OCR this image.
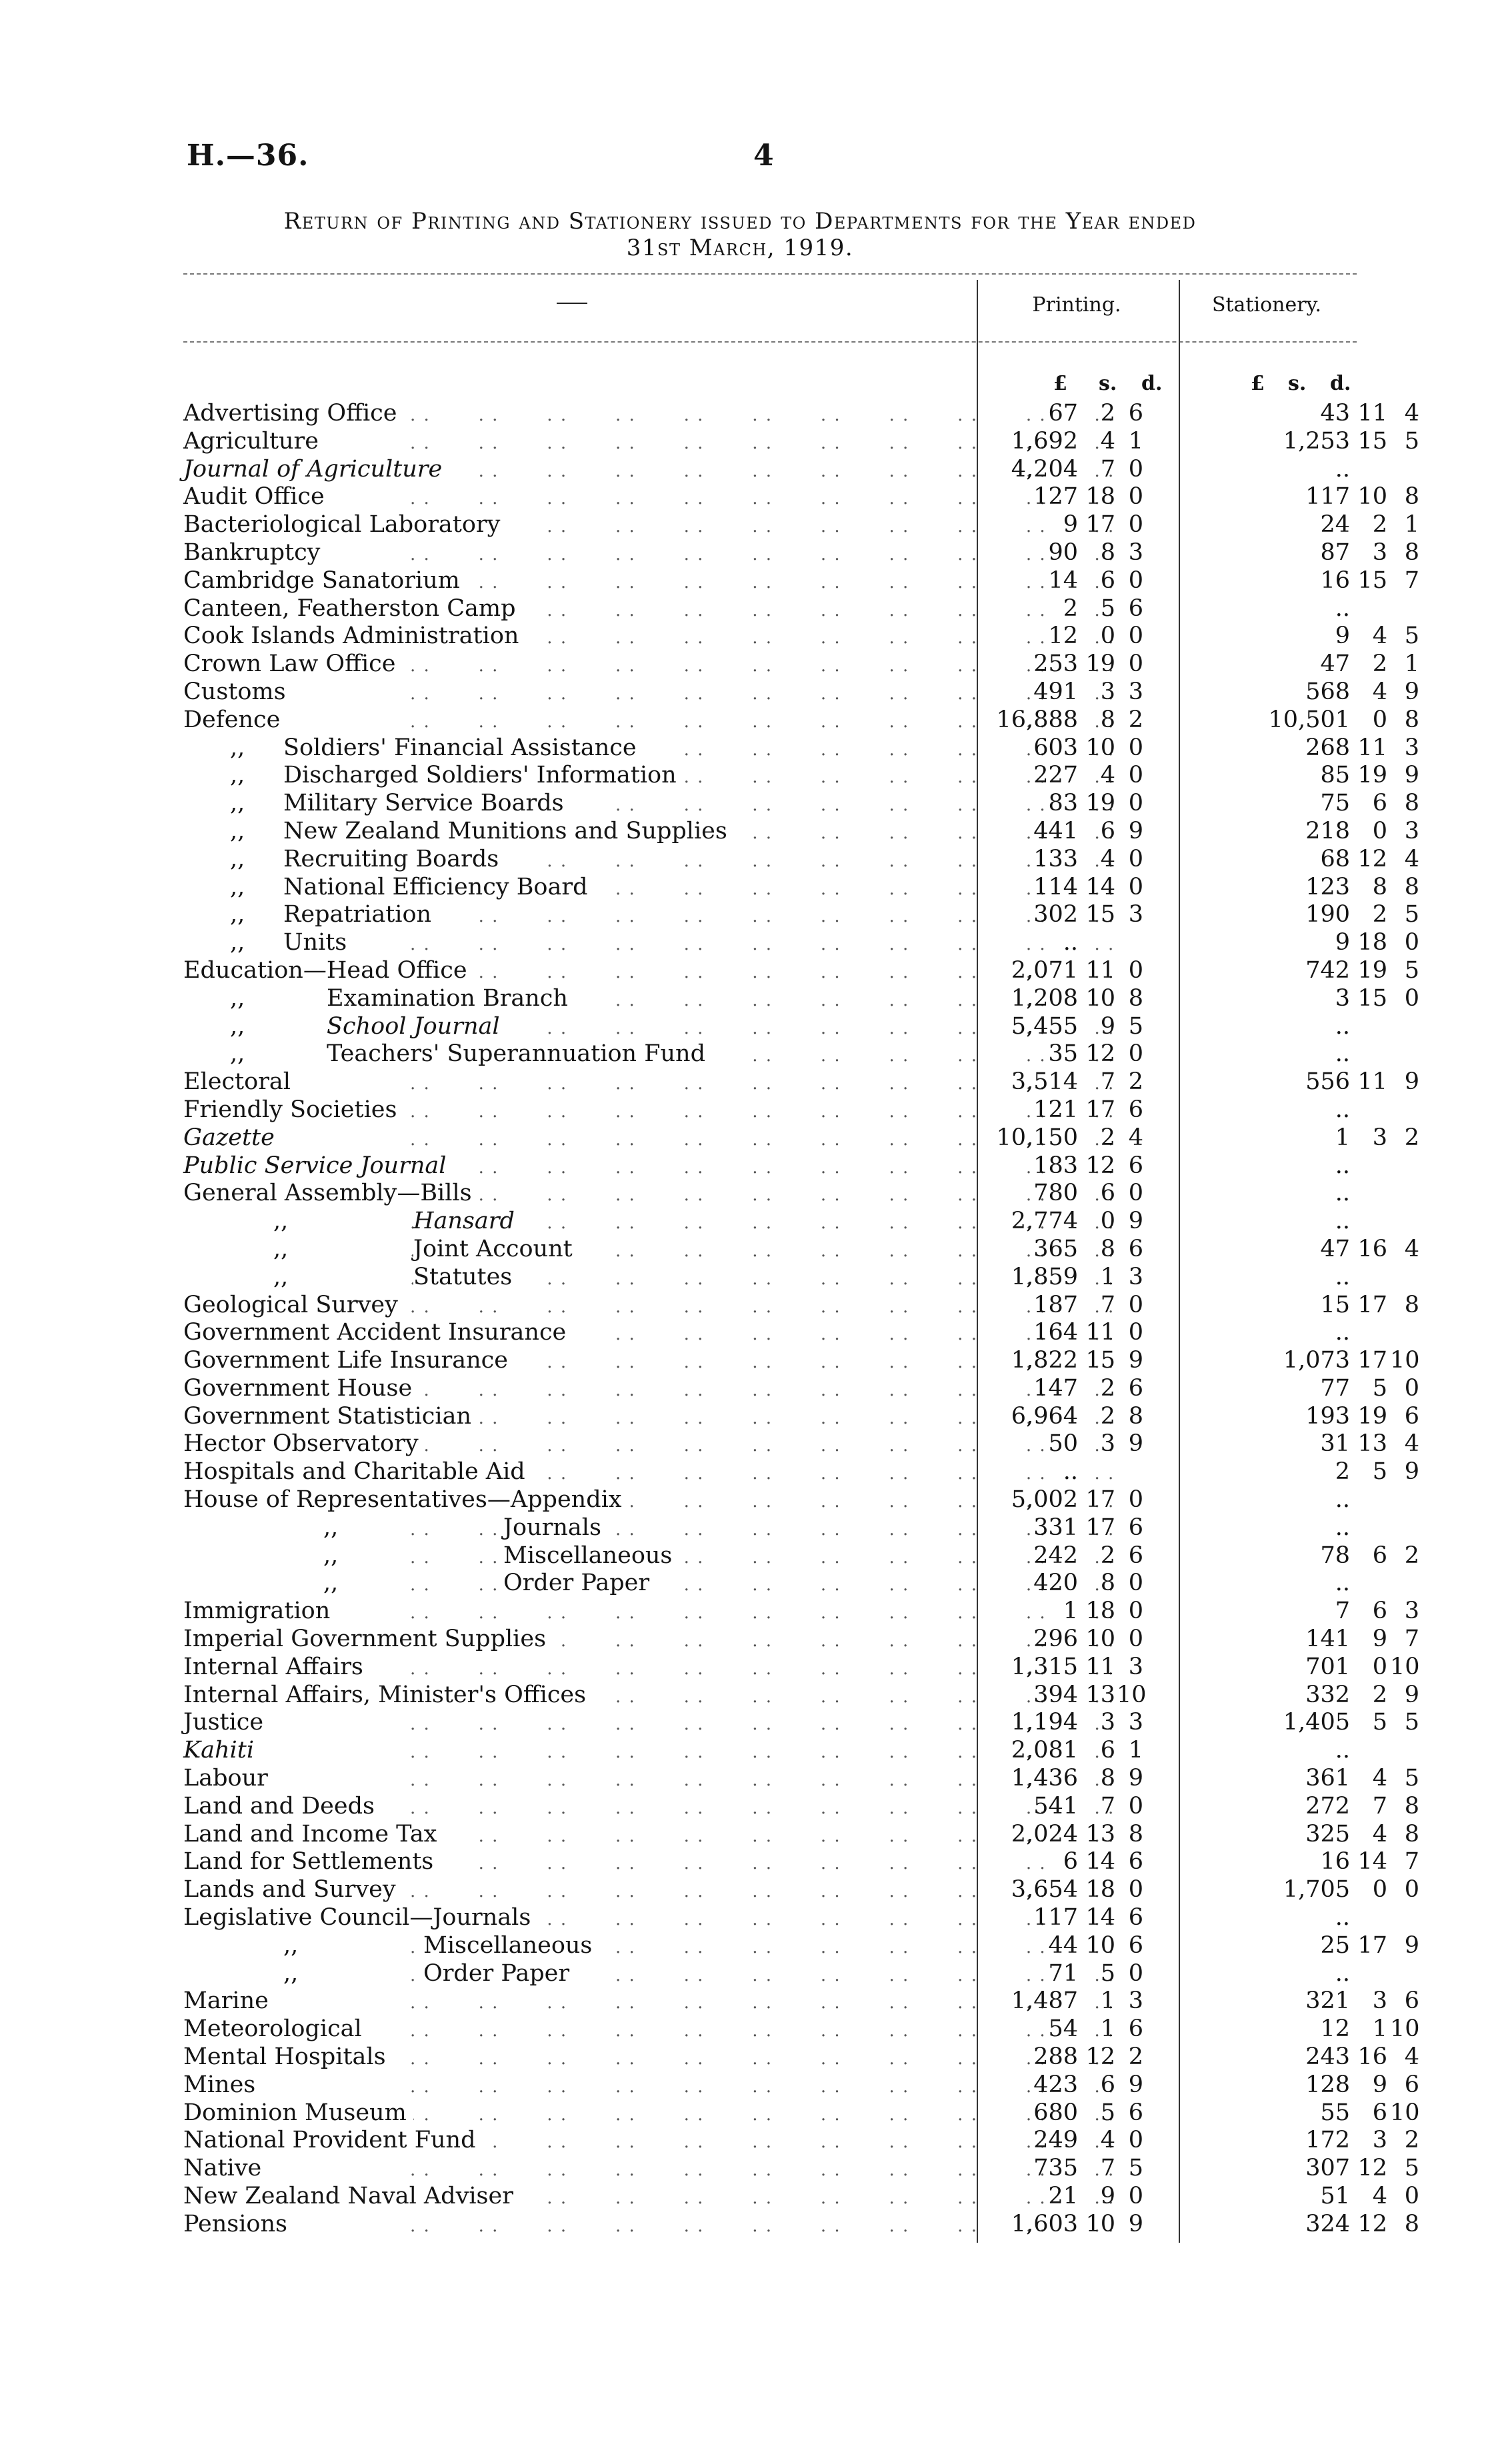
H.—36.	4
Return of Printing and Stationery issued to Departments for the Year ended
31st March, 1919.
Printing.	Stationery.
£ s. d.	£ s. d.
. .
Advertising Office	67 2 6	43 11 4
. .
Agriculture	1,692 4 1	1,253 15 5
. .
Journal of Agriculture	4,204 7 0	..
. .
Audit Office	127 18 0	117 10 8
. .
Bacteriological Laboratory	9 17 0	24 2 1
. .
Bankruptcy	90 8 3	87 3 8
. .
Cambridge Sanatorium	14 6 0	16 15 7
. .
Canteen, Featherston Camp	2 5 6	..
. .
Cook Islands Administration	12 0 0	9 4 5
. .
Crown Law Office	253 19 0	47 2 1
. .
Customs	491 3 3	568 4 9
. .
Defence	16,888 8 2	10,501 0 8
. .
,, Soldiers' Financial Assistance	603 10 0	268 11 3
. .
,, Discharged Soldiers' Information	227 4 0	85 19 9
. .
,, Military Service Boards	83 19 0	75 6 8
. .
,, New Zealand Munitions and Supplies	441 6 9	218 0 3
. .
,, Recruiting Boards	133 4 0	68 12 4
. .
,, National Efficiency Board	114 14 0	123 8 8
. .
,, Repatriation	302 15 3	190 2 5
. .
,, Units	..	9 18 0
. .
Education—Head Office	2,071 11 0	742 19 5
. .
,,	Examination Branch	1,208 10 8	3 15 0
. .
,,	School Journal	5,455 9 5	..
. .
,,	Teachers' Superannuation Fund	35 12 0	..
. .
Electoral	3,514 7 2	556 11 9
. .
Friendly Societies	121 17 6	..
. .
Gazette	10,150 2 4	1 3 2
. .
Public Service Journal	183 12 6	..
. .
General Assembly—Bills	780 6 0	..
. .
,,	Hansard	2,774 0 9	..
. .
,,	Joint Account	365 8 6	47 16 4
. .
,,	Statutes	1,859 1 3	..
. .
Geological Survey	187 7 0	15 17 8
. .
Government Accident Insurance	164 11 0	..
. .
Government Life Insurance	1,822 15 9	1,073 17 10
. .
Government House	147 2 6	77 5 0
. .
Government Statistician	6,964 2 8	193 19 6
. .
Hector Observatory	50 3 9	31 13 4
. .
Hospitals and Charitable Aid	..	2 5 9
. .
House of Representatives—Appendix	5,002 17 0	..
. .
,,	Journals	331 17 6	..
. .
,,	Miscellaneous	242 2 6	78 6 2
. .
,,	Order Paper	420 8 0	..
. .
Immigration	1 18 0	7 6 3
. .
Imperial Government Supplies	296 10 0	141 9 7
. .
Internal Affairs	1,315 11 3	701 0 10
. .
Internal Affairs, Minister's Offices	394 13 10	332 2 9
. .
Justice	1,194 3 3	1,405 5 5
. .
Kahiti	2,081 6 1	..
. .
Labour	1,436 8 9	361 4 5
. .
Land and Deeds	541 7 0	272 7 8
. .
Land and Income Tax	2,024 13 8	325 4 8
. .
Land for Settlements	6 14 6	16 14 7
. .
Lands and Survey	3,654 18 0	1,705 0 0
. .
Legislative Council—Journals	117 14 6	..
. .
,,	Miscellaneous	44 10 6	25 17 9
. .
,,	Order Paper	71 5 0	..
. .
Marine	1,487 1 3	321 3 6
. .
Meteorological	54 1 6	12 1 10
. .
Mental Hospitals	288 12 2	243 16 4
. .
Mines	423 6 9	128 9 6
. .
Dominion Museum	680 5 6	55 6 10
. .
National Provident Fund	249 4 0	172 3 2
. .
Native	735 7 5	307 12 5
. .
New Zealand Naval Adviser	21 9 0	51 4 0
. .
Pensions	1,603 10 9	324 12 8
